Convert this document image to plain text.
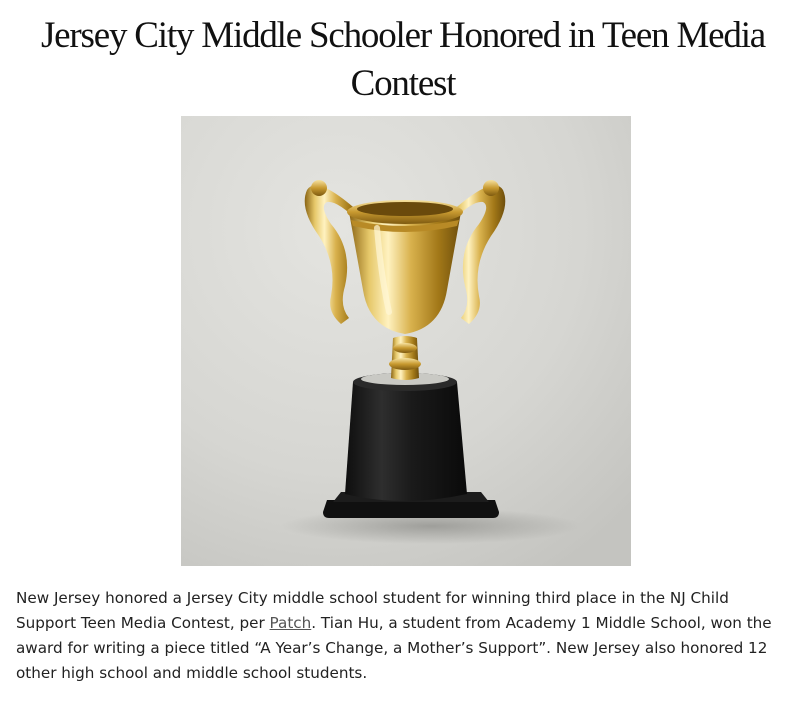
Jersey City Middle Schooler Honored in Teen Media Contest

New Jersey honored a Jersey City middle school student for winning third place in the NJ Child Support Teen Media Contest, per Patch. Tian Hu, a student from Academy 1 Middle School, won the award for writing a piece titled “A Year’s Change, a Mother’s Support”. New Jersey also honored 12 other high school and middle school students.
